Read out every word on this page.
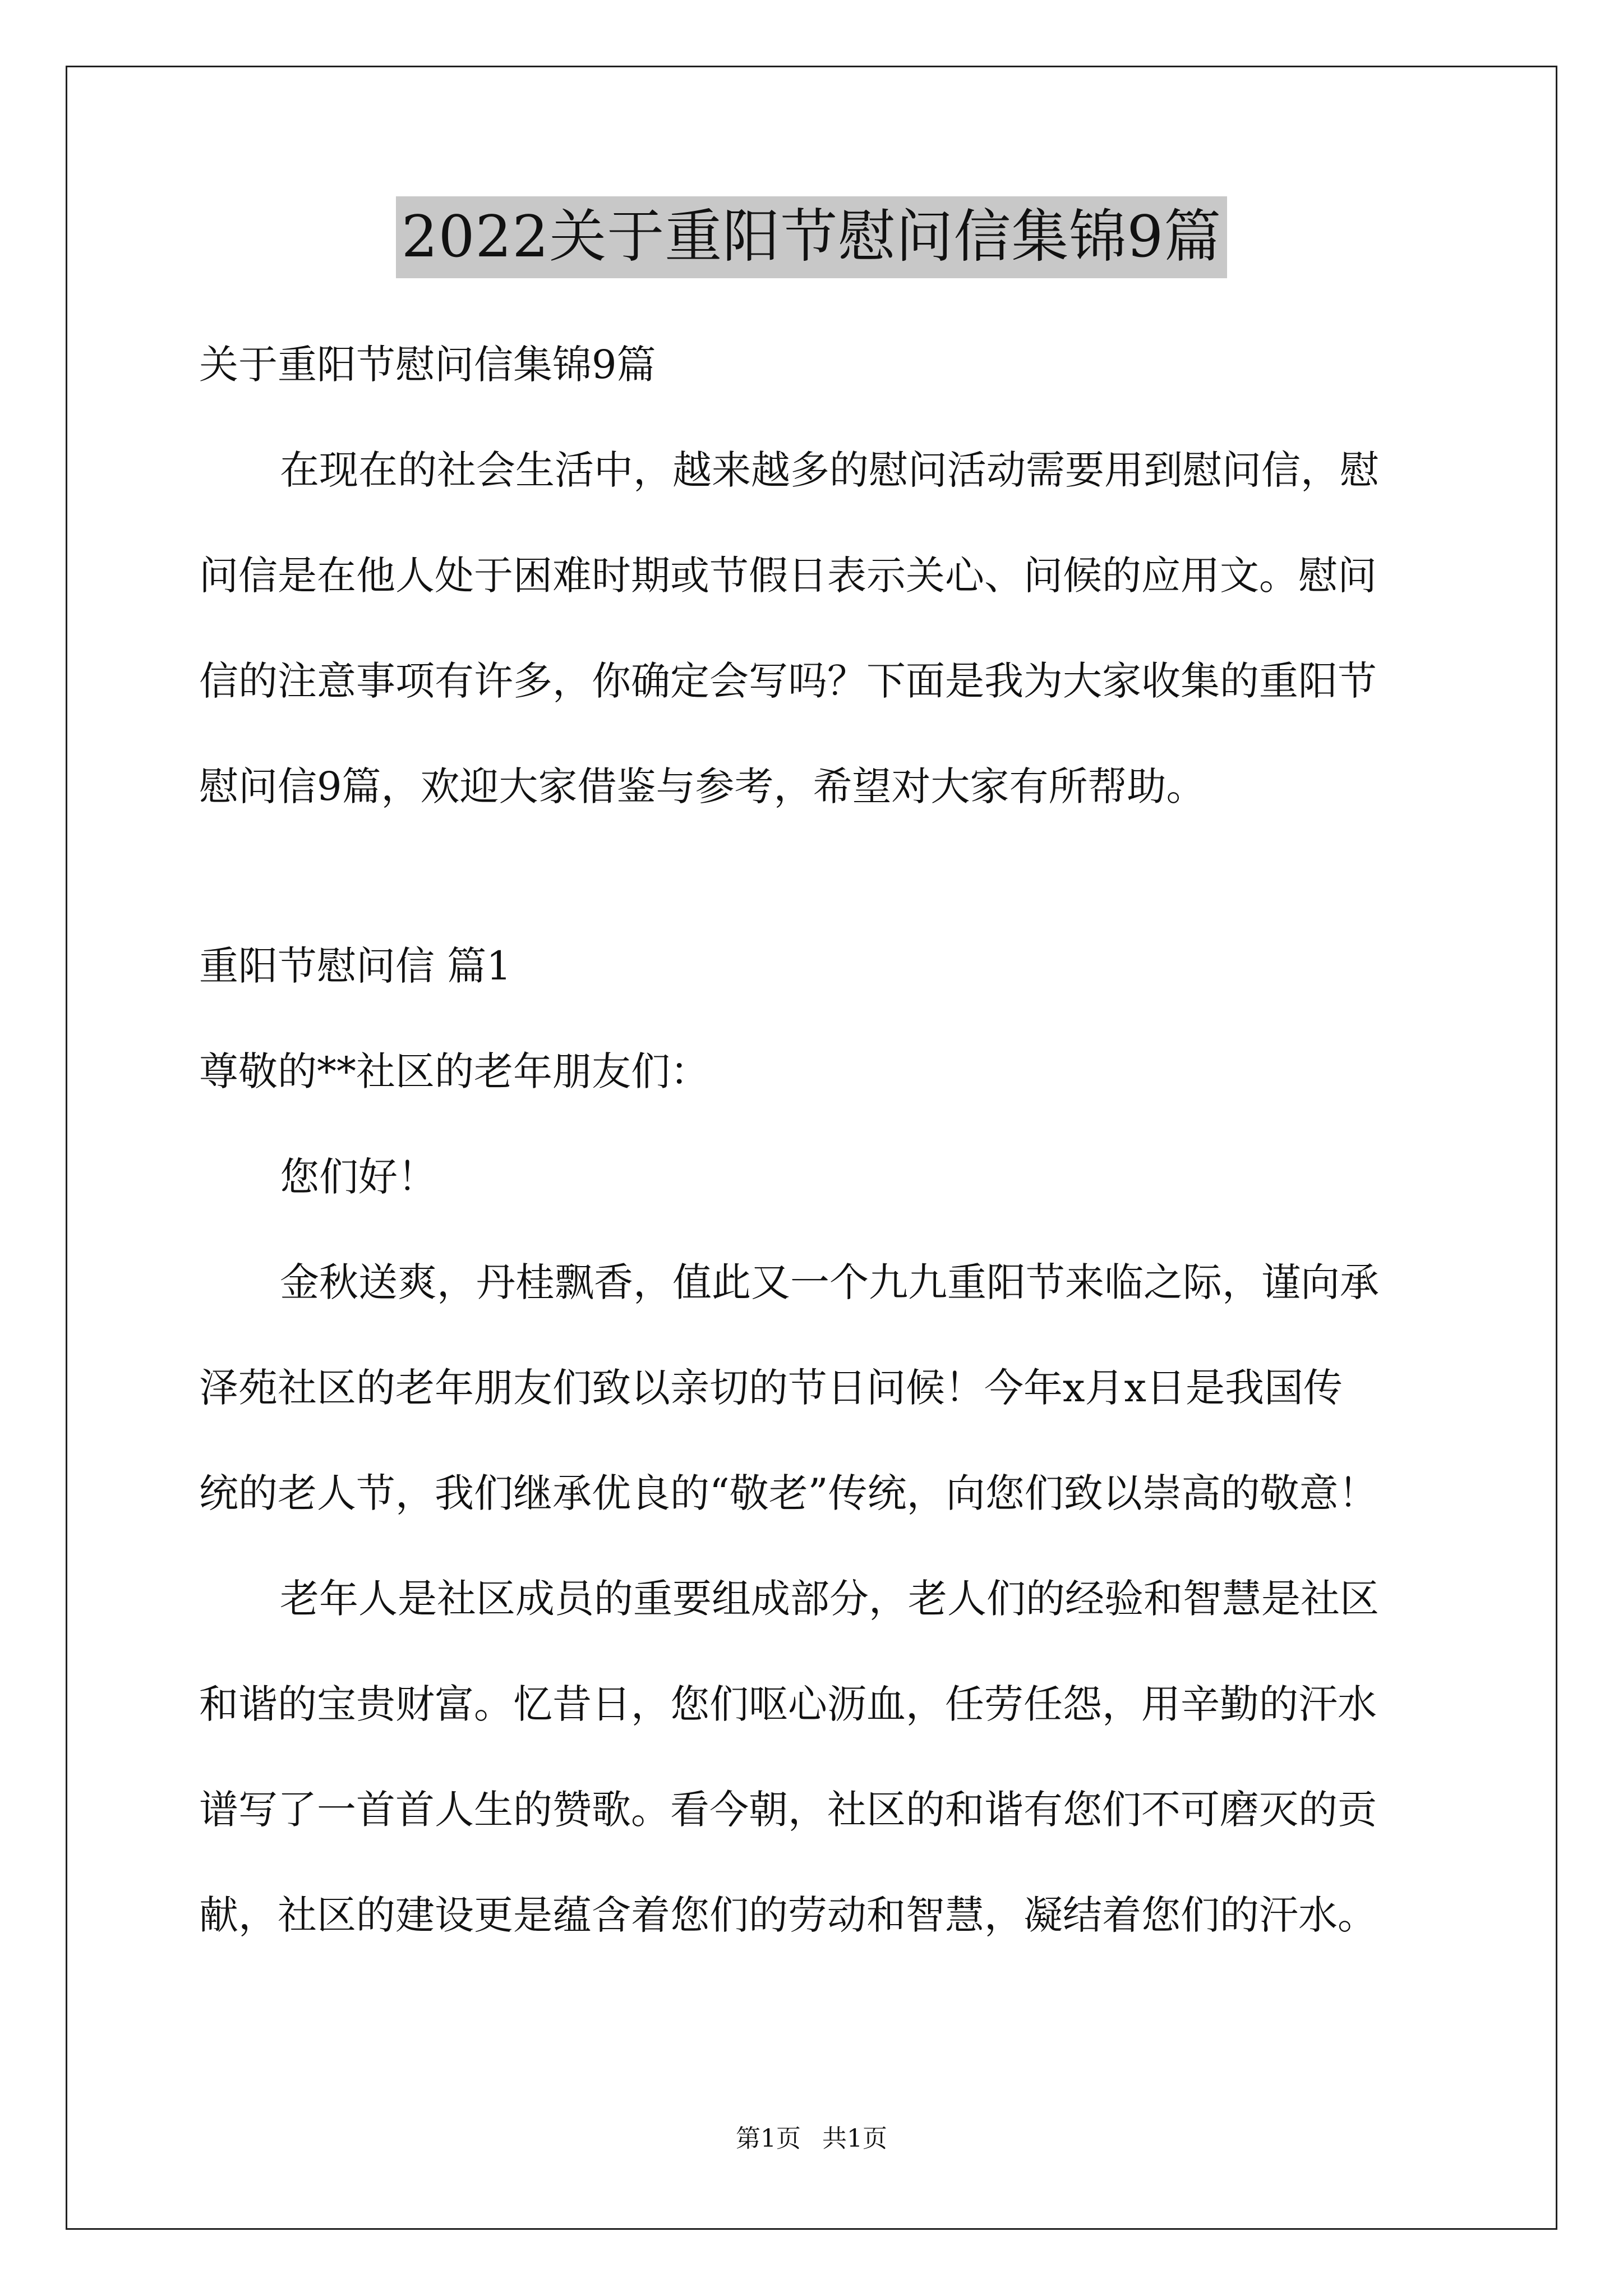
2022关于重阳节慰问信集锦9篇
关于重阳节慰问信集锦9篇
在现在的社会生活中，越来越多的慰问活动需要用到慰问信，慰
问信是在他人处于困难时期或节假日表示关心、问候的应用文。慰问
信的注意事项有许多，你确定会写吗？下面是我为大家收集的重阳节
慰问信9篇，欢迎大家借鉴与参考，希望对大家有所帮助。
重阳节慰问信 篇1
尊敬的**社区的老年朋友们：
您们好！
金秋送爽，丹桂飘香，值此又一个九九重阳节来临之际，谨向承
泽苑社区的老年朋友们致以亲切的节日问候！今年x月x日是我国传
统的老人节，我们继承优良的“敬老”传统，向您们致以崇高的敬意！
老年人是社区成员的重要组成部分，老人们的经验和智慧是社区
和谐的宝贵财富。忆昔日，您们呕心沥血，任劳任怨，用辛勤的汗水
谱写了一首首人生的赞歌。看今朝，社区的和谐有您们不可磨灭的贡
献，社区的建设更是蕴含着您们的劳动和智慧，凝结着您们的汗水。
第1页 共1页
